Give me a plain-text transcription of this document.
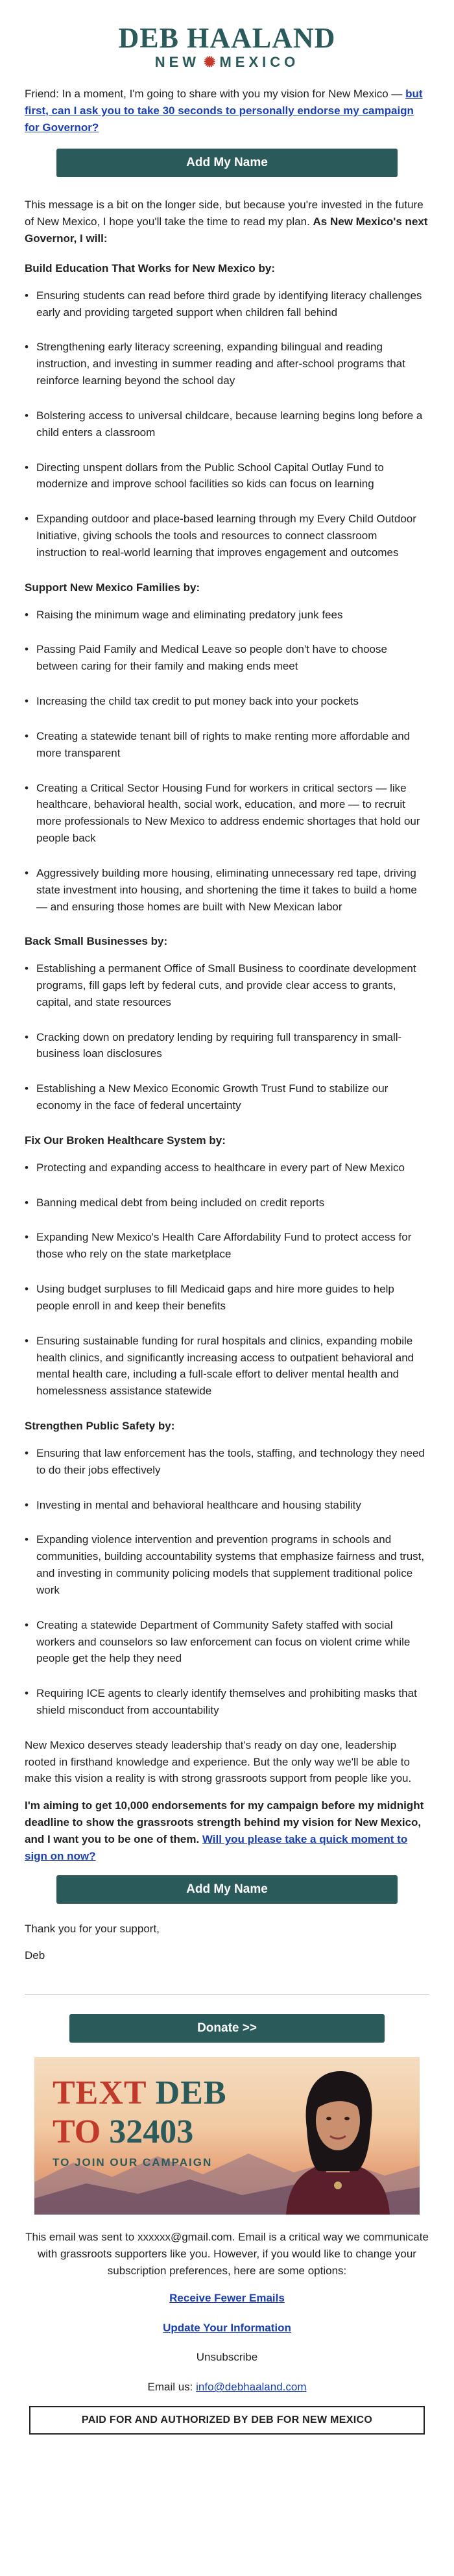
DEB HAALAND
NEW ✺ MEXICO

Friend: In a moment, I'm going to share with you my vision for New Mexico — but first, can I ask you to take 30 seconds to personally endorse my campaign for Governor?

Add My Name

This message is a bit on the longer side, but because you're invested in the future of New Mexico, I hope you'll take the time to read my plan. As New Mexico's next Governor, I will:

Build Education That Works for New Mexico by:

• Ensuring students can read before third grade by identifying literacy challenges early and providing targeted support when children fall behind
• Strengthening early literacy screening, expanding bilingual and reading instruction, and investing in summer reading and after-school programs that reinforce learning beyond the school day
• Bolstering access to universal childcare, because learning begins long before a child enters a classroom
• Directing unspent dollars from the Public School Capital Outlay Fund to modernize and improve school facilities so kids can focus on learning
• Expanding outdoor and place-based learning through my Every Child Outdoor Initiative, giving schools the tools and resources to connect classroom instruction to real-world learning that improves engagement and outcomes

Support New Mexico Families by:

• Raising the minimum wage and eliminating predatory junk fees
• Passing Paid Family and Medical Leave so people don't have to choose between caring for their family and making ends meet
• Increasing the child tax credit to put money back into your pockets
• Creating a statewide tenant bill of rights to make renting more affordable and more transparent
• Creating a Critical Sector Housing Fund for workers in critical sectors — like healthcare, behavioral health, social work, education, and more — to recruit more professionals to New Mexico to address endemic shortages that hold our people back
• Aggressively building more housing, eliminating unnecessary red tape, driving state investment into housing, and shortening the time it takes to build a home — and ensuring those homes are built with New Mexican labor

Back Small Businesses by:

• Establishing a permanent Office of Small Business to coordinate development programs, fill gaps left by federal cuts, and provide clear access to grants, capital, and state resources
• Cracking down on predatory lending by requiring full transparency in small-business loan disclosures
• Establishing a New Mexico Economic Growth Trust Fund to stabilize our economy in the face of federal uncertainty

Fix Our Broken Healthcare System by:

• Protecting and expanding access to healthcare in every part of New Mexico
• Banning medical debt from being included on credit reports
• Expanding New Mexico's Health Care Affordability Fund to protect access for those who rely on the state marketplace
• Using budget surpluses to fill Medicaid gaps and hire more guides to help people enroll in and keep their benefits
• Ensuring sustainable funding for rural hospitals and clinics, expanding mobile health clinics, and significantly increasing access to outpatient behavioral and mental health care, including a full-scale effort to deliver mental health and homelessness assistance statewide

Strengthen Public Safety by:

• Ensuring that law enforcement has the tools, staffing, and technology they need to do their jobs effectively
• Investing in mental and behavioral healthcare and housing stability
• Expanding violence intervention and prevention programs in schools and communities, building accountability systems that emphasize fairness and trust, and investing in community policing models that supplement traditional police work
• Creating a statewide Department of Community Safety staffed with social workers and counselors so law enforcement can focus on violent crime while people get the help they need
• Requiring ICE agents to clearly identify themselves and prohibiting masks that shield misconduct from accountability

New Mexico deserves steady leadership that's ready on day one, leadership rooted in firsthand knowledge and experience. But the only way we'll be able to make this vision a reality is with strong grassroots support from people like you.

I'm aiming to get 10,000 endorsements for my campaign before my midnight deadline to show the grassroots strength behind my vision for New Mexico, and I want you to be one of them. Will you please take a quick moment to sign on now?

Add My Name

Thank you for your support,

Deb

Donate >>
TEXT DEB
TO 32403
TO JOIN OUR CAMPAIGN

This email was sent to xxxxxx@gmail.com. Email is a critical way we communicate with grassroots supporters like you. However, if you would like to change your subscription preferences, here are some options:

Receive Fewer Emails
Update Your Information
Unsubscribe

Email us: info@debhaaland.com

PAID FOR AND AUTHORIZED BY DEB FOR NEW MEXICO
